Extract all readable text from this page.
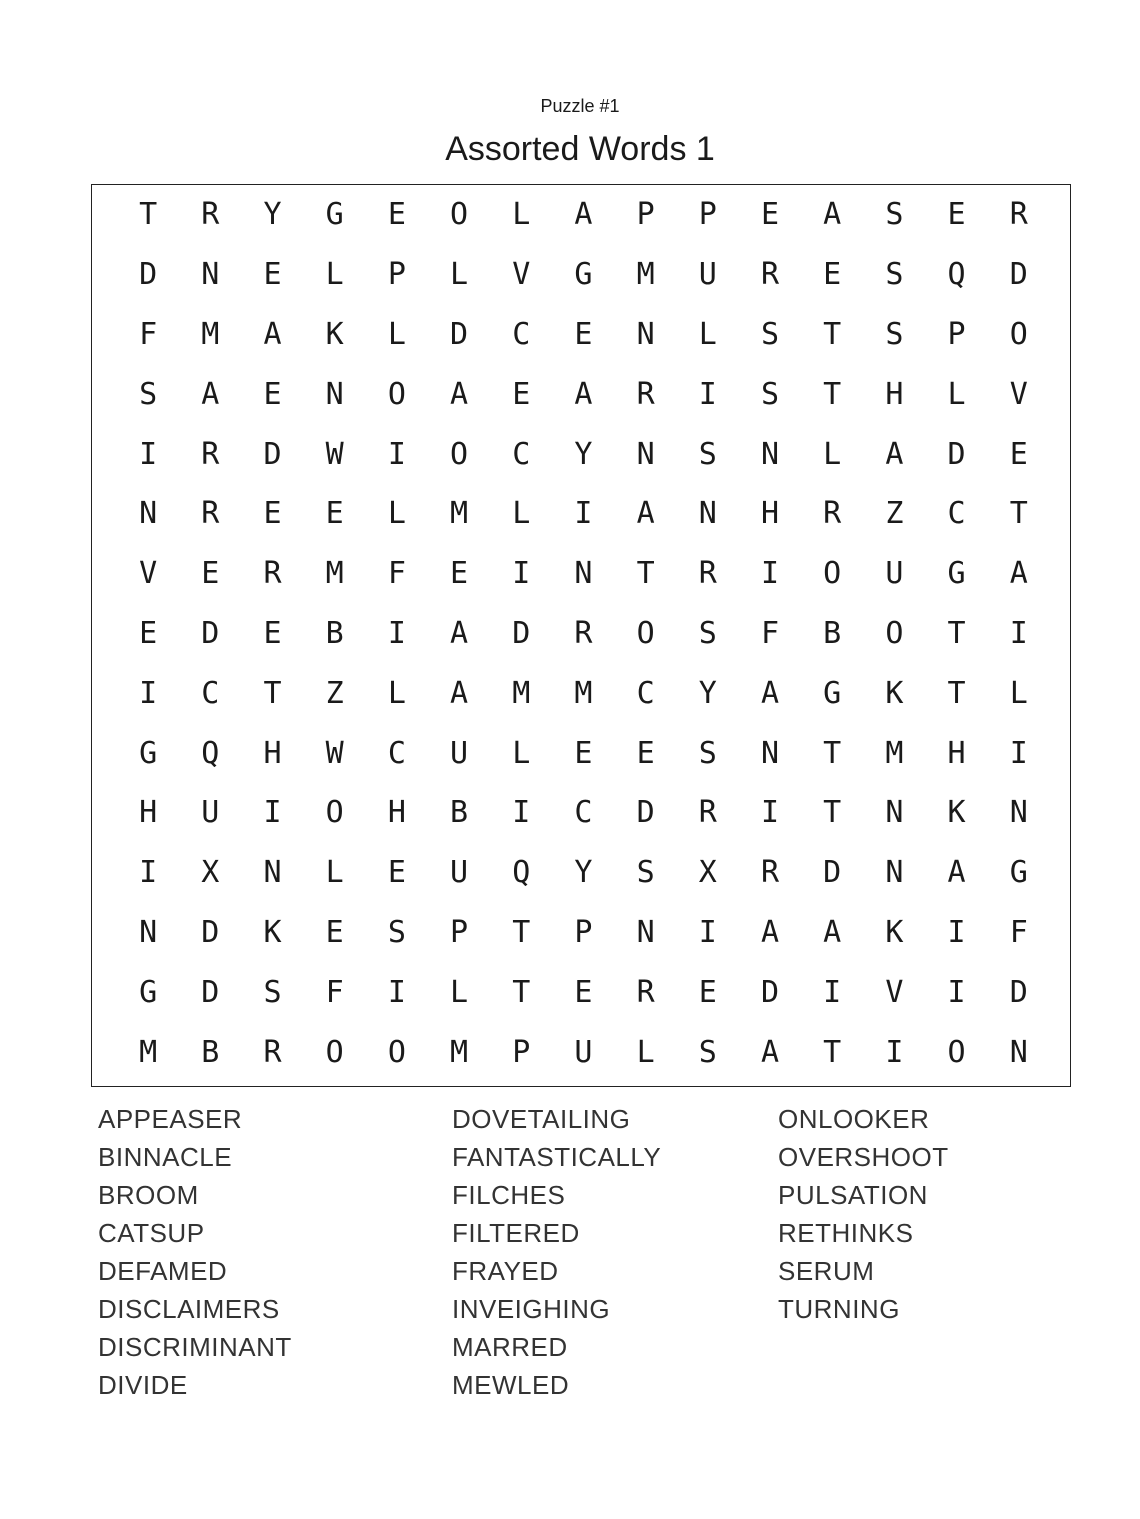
Puzzle #1
Assorted Words 1
T	R	Y	G	E	O	L	A	P	P	E	A	S	E	R
D	N	E	L	P	L	V	G	M	U	R	E	S	Q	D
F	M	A	K	L	D	C	E	N	L	S	T	S	P	O
S	A	E	N	O	A	E	A	R	I	S	T	H	L	V
I	R	D	W	I	O	C	Y	N	S	N	L	A	D	E
N	R	E	E	L	M	L	I	A	N	H	R	Z	C	T
V	E	R	M	F	E	I	N	T	R	I	O	U	G	A
E	D	E	B	I	A	D	R	O	S	F	B	O	T	I
I	C	T	Z	L	A	M	M	C	Y	A	G	K	T	L
G	Q	H	W	C	U	L	E	E	S	N	T	M	H	I
H	U	I	O	H	B	I	C	D	R	I	T	N	K	N
I	X	N	L	E	U	Q	Y	S	X	R	D	N	A	G
N	D	K	E	S	P	T	P	N	I	A	A	K	I	F
G	D	S	F	I	L	T	E	R	E	D	I	V	I	D
M	B	R	O	O	M	P	U	L	S	A	T	I	O	N
APPEASER
BINNACLE
BROOM
CATSUP
DEFAMED
DISCLAIMERS
DISCRIMINANT
DIVIDE
DOVETAILING
FANTASTICALLY
FILCHES
FILTERED
FRAYED
INVEIGHING
MARRED
MEWLED
ONLOOKER
OVERSHOOT
PULSATION
RETHINKS
SERUM
TURNING
